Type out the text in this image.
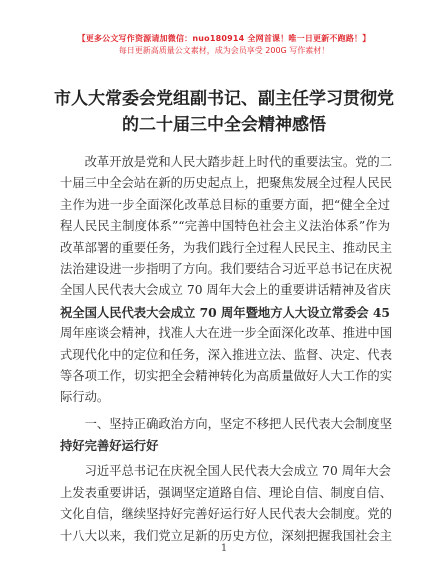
【更多公文写作资源请加微信：nuo180914 全网首课！唯一日更新不跑路！】
每日更新高质量公文素材，成为会员享受 200G 写作素材！
市人大常委会党组副书记、副主任学习贯彻党
的二十届三中全会精神感悟
　　改革开放是党和人民大踏步赶上时代的重要法宝。党的二
十届三中全会站在新的历史起点上，把聚焦发展全过程人民民
主作为进一步全面深化改革总目标的重要方面，把“健全全过
程人民民主制度体系”“完善中国特色社会主义法治体系”作为
改革部署的重要任务，为我们践行全过程人民民主、推动民主
法治建设进一步指明了方向。我们要结合习近平总书记在庆祝
全国人民代表大会成立 70 周年大会上的重要讲话精神及省庆
祝全国人民代表大会成立 70 周年暨地方人大设立常委会 45
周年座谈会精神，找准人大在进一步全面深化改革、推进中国
式现代化中的定位和任务，深入推进立法、监督、决定、代表
等各项工作，切实把全会精神转化为高质量做好人大工作的实
际行动。
　　一、坚持正确政治方向，坚定不移把人民代表大会制度坚
持好完善好运行好
　　习近平总书记在庆祝全国人民代表大会成立 70 周年大会
上发表重要讲话，强调坚定道路自信、理论自信、制度自信、
文化自信，继续坚持好完善好运行好人民代表大会制度。党的
十八大以来，我们党立足新的历史方位，深刻把握我国社会主
1
